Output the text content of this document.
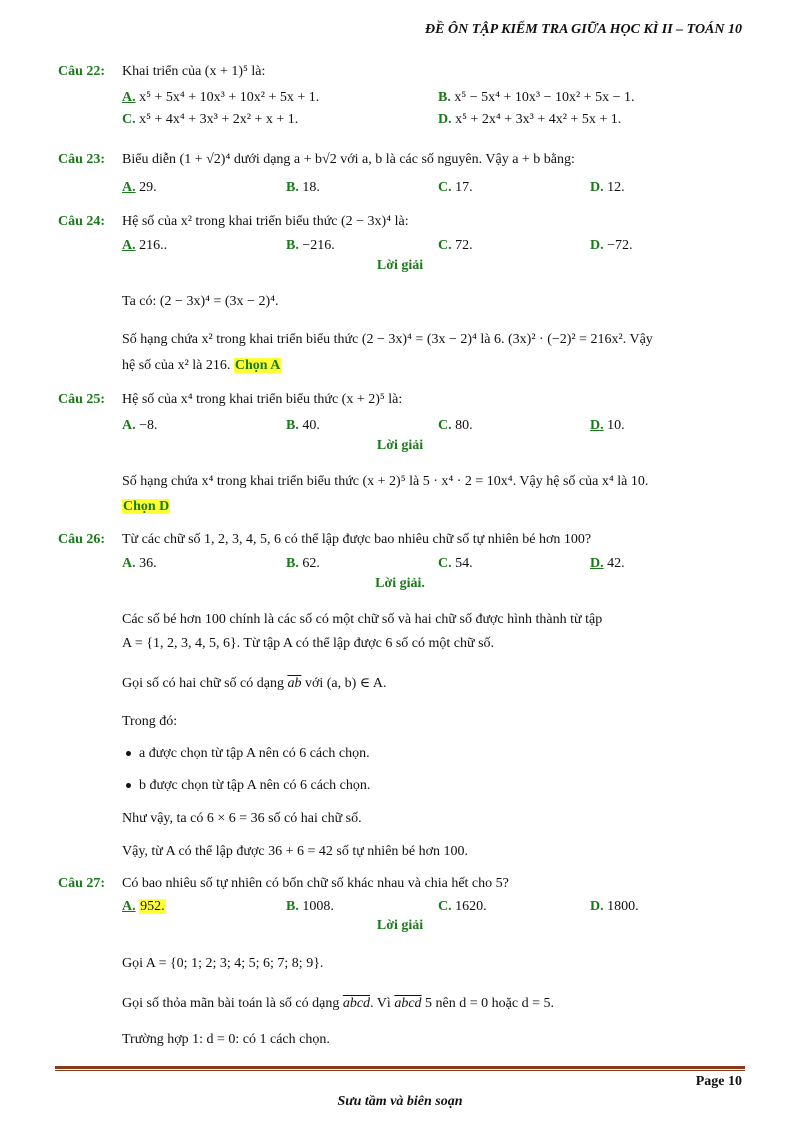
ĐỀ ÔN TẬP KIỂM TRA GIỮA HỌC KÌ II – TOÁN 10
Câu 22: Khai triển của (x + 1)⁵ là:
A. x⁵ + 5x⁴ + 10x³ + 10x² + 5x + 1.	B. x⁵ − 5x⁴ + 10x³ − 10x² + 5x − 1.
C. x⁵ + 4x⁴ + 3x³ + 2x² + x + 1.	D. x⁵ + 2x⁴ + 3x³ + 4x² + 5x + 1.
Câu 23: Biểu diễn (1 + √2)⁴ dưới dạng a + b√2 với a, b là các số nguyên. Vậy a + b bằng:
A. 29.	B. 18.	C. 17.	D. 12.
Câu 24: Hệ số của x² trong khai triển biểu thức (2 − 3x)⁴ là:
A. 216..	B. −216.	C. 72.	D. −72.
Lời giải
Ta có: (2 − 3x)⁴ = (3x − 2)⁴.
Số hạng chứa x² trong khai triển biểu thức (2 − 3x)⁴ = (3x − 2)⁴ là 6. (3x)² · (−2)² = 216x². Vậy
hệ số của x² là 216. Chọn A
Câu 25: Hệ số của x⁴ trong khai triển biểu thức (x + 2)⁵ là:
A. −8.	B. 40.	C. 80.	D. 10.
Lời giải
Số hạng chứa x⁴ trong khai triển biểu thức (x + 2)⁵ là 5 · x⁴ · 2 = 10x⁴. Vậy hệ số của x⁴ là 10.
Chọn D
Câu 26: Từ các chữ số 1, 2, 3, 4, 5, 6 có thể lập được bao nhiêu chữ số tự nhiên bé hơn 100?
A. 36.	B. 62.	C. 54.	D. 42.
Lời giải.
Các số bé hơn 100 chính là các số có một chữ số và hai chữ số được hình thành từ tập
A = {1, 2, 3, 4, 5, 6}. Từ tập A có thể lập được 6 số có một chữ số.
Gọi số có hai chữ số có dạng $\overline{ab}$ với (a, b) ∈ A.
Trong đó:
a được chọn từ tập A nên có 6 cách chọn.
b được chọn từ tập A nên có 6 cách chọn.
Như vậy, ta có 6 × 6 = 36 số có hai chữ số.
Vậy, từ A có thể lập được 36 + 6 = 42 số tự nhiên bé hơn 100.
Câu 27: Có bao nhiêu số tự nhiên có bốn chữ số khác nhau và chia hết cho 5?
A. 952.	B. 1008.	C. 1620.	D. 1800.
Lời giải
Gọi A = {0; 1; 2; 3; 4; 5; 6; 7; 8; 9}.
Gọi số thỏa mãn bài toán là số có dạng abcd. Vì abcd 5 nên d = 0 hoặc d = 5.
Trường hợp 1: d = 0: có 1 cách chọn.
Page 10
Sưu tầm và biên soạn
